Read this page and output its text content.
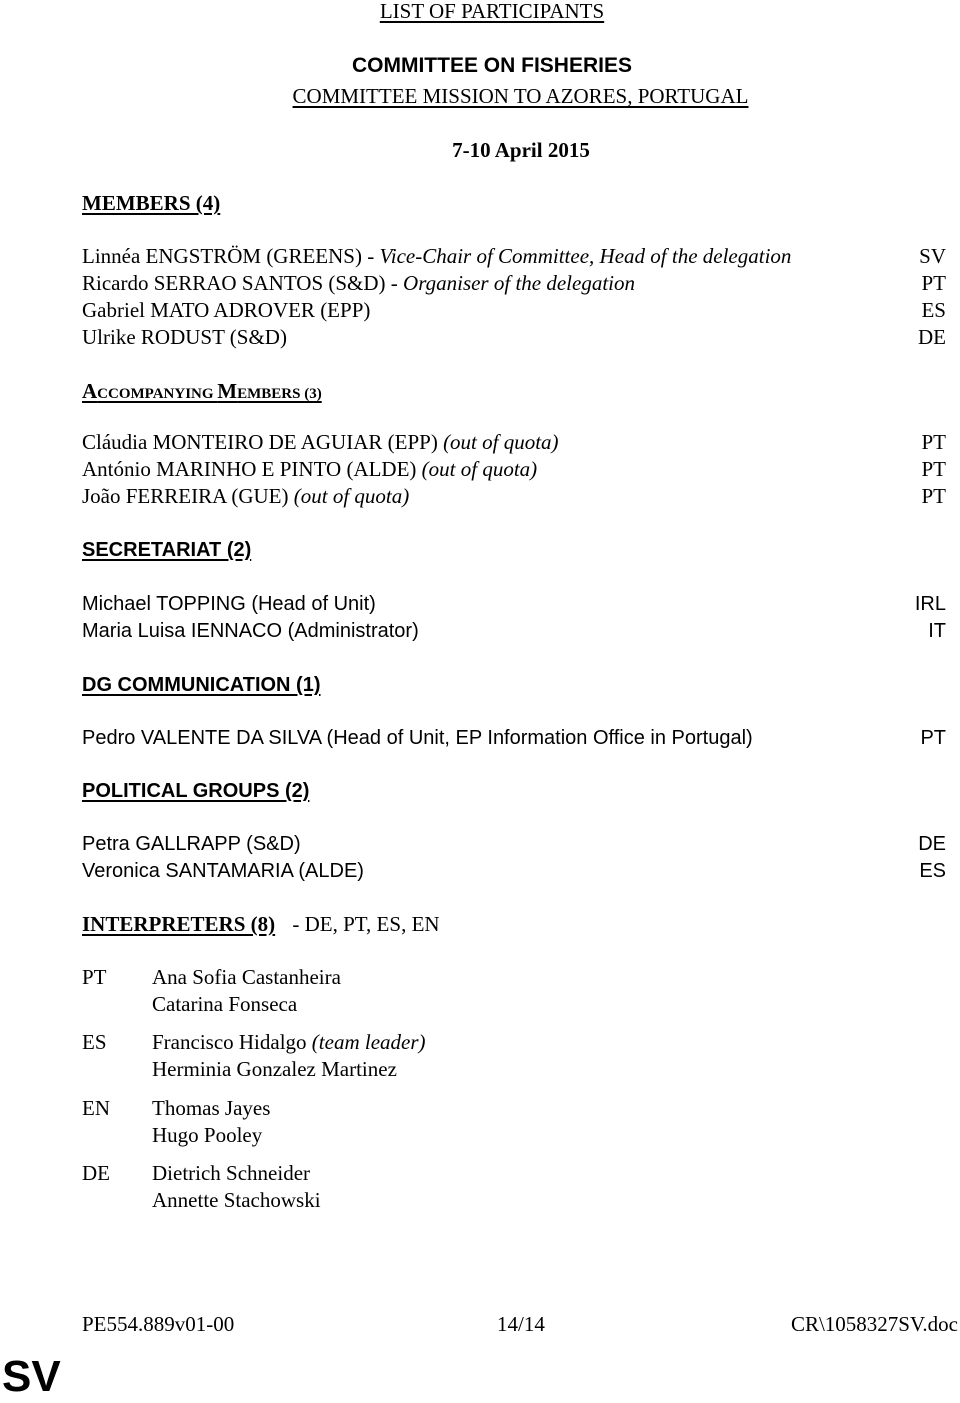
LIST OF PARTICIPANTS
COMMITTEE ON FISHERIES
COMMITTEE MISSION TO AZORES, PORTUGAL
7-10 April 2015
MEMBERS (4)
Linnéa ENGSTRÖM (GREENS) - Vice-Chair of Committee, Head of the delegation	SV
Ricardo SERRAO SANTOS (S&D) - Organiser of the delegation	PT
Gabriel MATO ADROVER (EPP)	ES
Ulrike RODUST (S&D)	DE
ACCOMPANYING MEMBERS (3)
Cláudia MONTEIRO DE AGUIAR (EPP) (out of quota)	PT
António MARINHO E PINTO (ALDE) (out of quota)	PT
João FERREIRA (GUE) (out of quota)	PT
SECRETARIAT (2)
Michael TOPPING (Head of Unit)	IRL
Maria Luisa IENNACO (Administrator)	IT
DG COMMUNICATION (1)
Pedro VALENTE DA SILVA (Head of Unit, EP Information Office in Portugal)	PT
POLITICAL GROUPS (2)
Petra GALLRAPP (S&D)	DE
Veronica SANTAMARIA (ALDE)	ES
INTERPRETERS (8) - DE, PT, ES, EN
PT Ana Sofia Castanheira
Catarina Fonseca
ES Francisco Hidalgo (team leader)
Herminia Gonzalez Martinez
EN Thomas Jayes
Hugo Pooley
DE Dietrich Schneider
Annette Stachowski
PE554.889v01-00	14/14	CR\1058327SV.doc
SV
